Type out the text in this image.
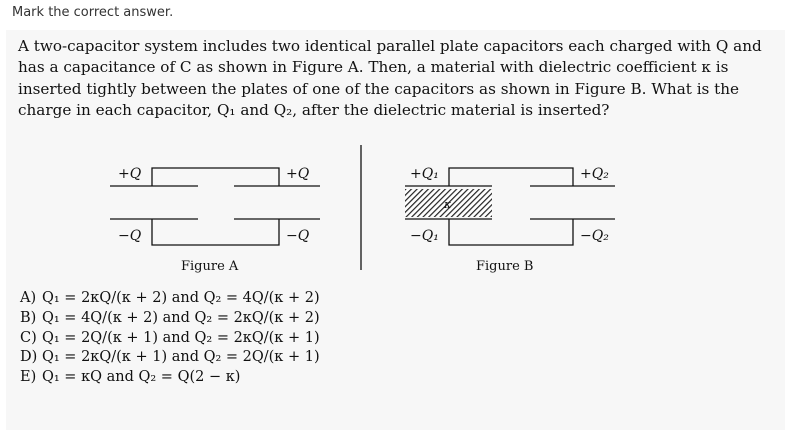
Mark the correct answer.

A two-capacitor system includes two identical parallel plate capacitors each charged with Q and has a capacitance of C as shown in Figure A. Then, a material with dielectric coefficient κ is inserted tightly between the plates of one of the capacitors as shown in Figure B. What is the charge in each capacitor, Q₁ and Q₂, after the dielectric material is inserted?

+Q
−Q
+Q
−Q
Figure A
κ
+Q₁
−Q₁
+Q₂
−Q₂
Figure B
A) Q₁ = 2κQ/(κ + 2) and Q₂ = 4Q/(κ + 2)
B) Q₁ = 4Q/(κ + 2) and Q₂ = 2κQ/(κ + 2)
C) Q₁ = 2Q/(κ + 1) and Q₂ = 2κQ/(κ + 1)
D) Q₁ = 2κQ/(κ + 1) and Q₂ = 2Q/(κ + 1)
E) Q₁ = κQ and Q₂ = Q(2 − κ)
